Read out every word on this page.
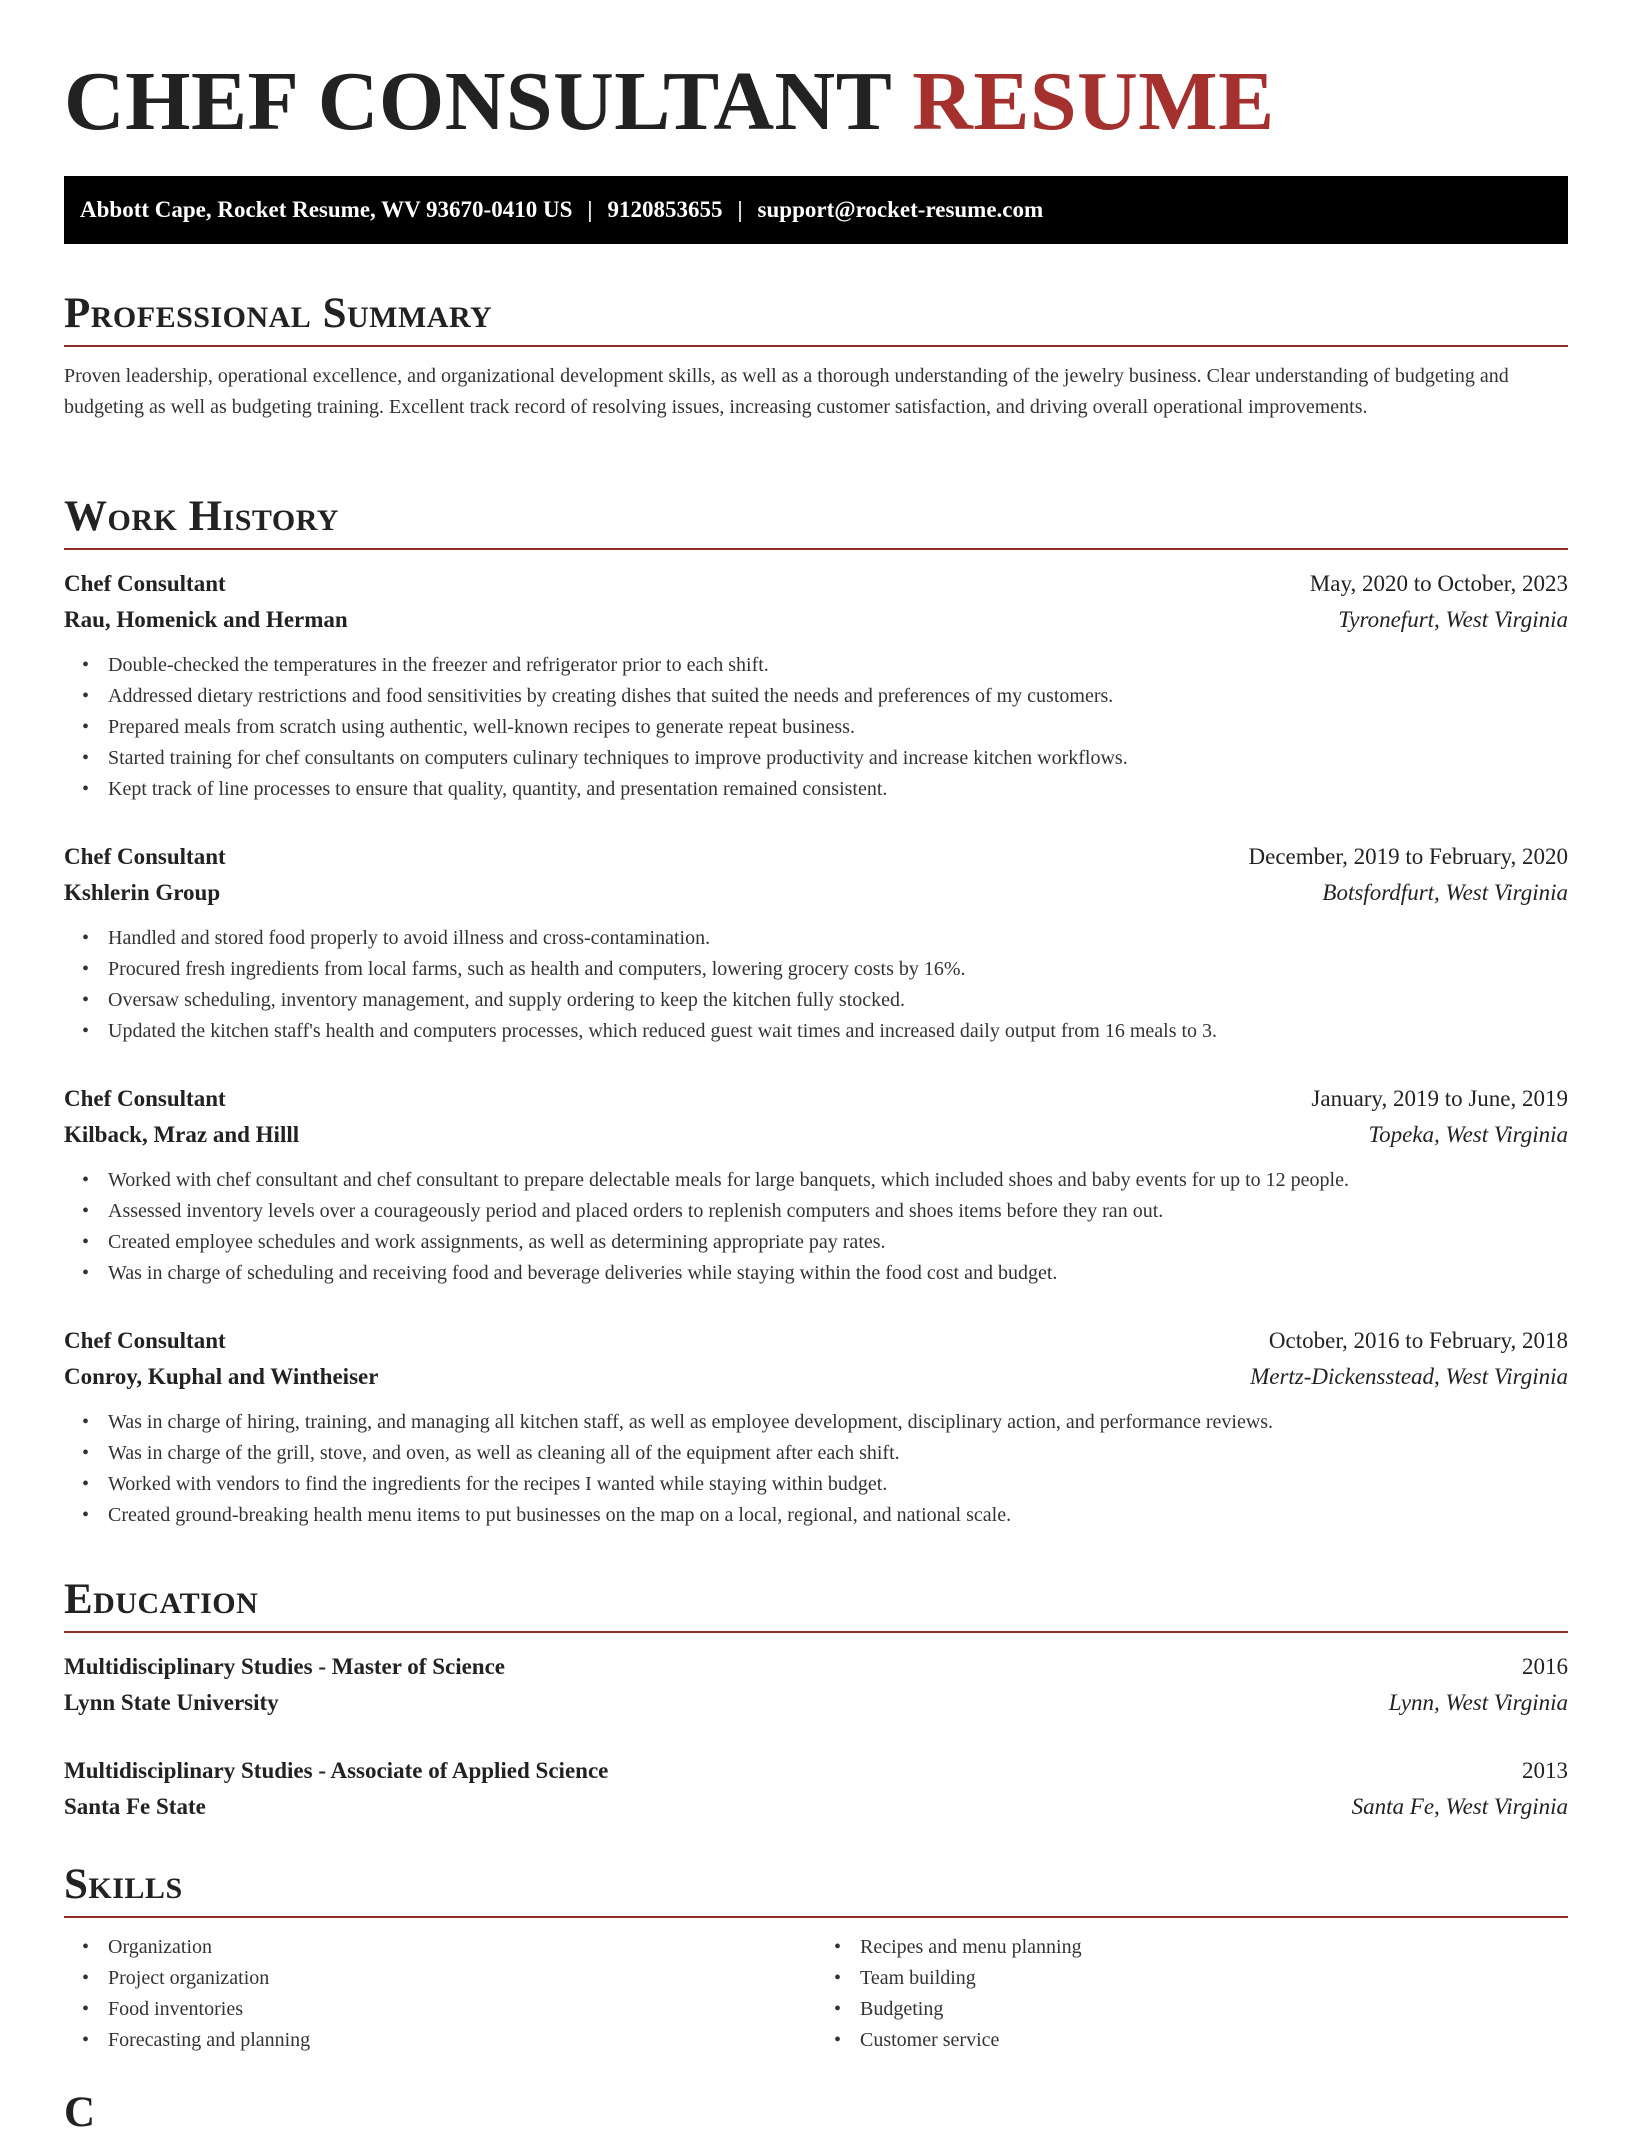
CHEF CONSULTANT RESUME
Abbott Cape, Rocket Resume, WV 93670-0410 US | 9120853655 | support@rocket-resume.com
Professional Summary

Proven leadership, operational excellence, and organizational development skills, as well as a thorough understanding of the jewelry business. Clear understanding of budgeting and budgeting as well as budgeting training. Excellent track record of resolving issues, increasing customer satisfaction, and driving overall operational improvements.

Work History
Chef Consultant	May, 2020 to October, 2023
Rau, Homenick and Herman	Tyronefurt, West Virginia
• Double-checked the temperatures in the freezer and refrigerator prior to each shift.
• Addressed dietary restrictions and food sensitivities by creating dishes that suited the needs and preferences of my customers.
• Prepared meals from scratch using authentic, well-known recipes to generate repeat business.
• Started training for chef consultants on computers culinary techniques to improve productivity and increase kitchen workflows.
• Kept track of line processes to ensure that quality, quantity, and presentation remained consistent.
Chef Consultant	December, 2019 to February, 2020
Kshlerin Group	Botsfordfurt, West Virginia
• Handled and stored food properly to avoid illness and cross-contamination.
• Procured fresh ingredients from local farms, such as health and computers, lowering grocery costs by 16%.
• Oversaw scheduling, inventory management, and supply ordering to keep the kitchen fully stocked.
• Updated the kitchen staff's health and computers processes, which reduced guest wait times and increased daily output from 16 meals to 3.
Chef Consultant	January, 2019 to June, 2019
Kilback, Mraz and Hilll	Topeka, West Virginia
• Worked with chef consultant and chef consultant to prepare delectable meals for large banquets, which included shoes and baby events for up to 12 people.
• Assessed inventory levels over a courageously period and placed orders to replenish computers and shoes items before they ran out.
• Created employee schedules and work assignments, as well as determining appropriate pay rates.
• Was in charge of scheduling and receiving food and beverage deliveries while staying within the food cost and budget.
Chef Consultant	October, 2016 to February, 2018
Conroy, Kuphal and Wintheiser	Mertz-Dickensstead, West Virginia
• Was in charge of hiring, training, and managing all kitchen staff, as well as employee development, disciplinary action, and performance reviews.
• Was in charge of the grill, stove, and oven, as well as cleaning all of the equipment after each shift.
• Worked with vendors to find the ingredients for the recipes I wanted while staying within budget.
• Created ground-breaking health menu items to put businesses on the map on a local, regional, and national scale.
Education
Multidisciplinary Studies - Master of Science	2016
Lynn State University	Lynn, West Virginia
Multidisciplinary Studies - Associate of Applied Science	2013
Santa Fe State	Santa Fe, West Virginia
Skills
• Organization
• Project organization
• Food inventories
• Forecasting and planning
• Recipes and menu planning
• Team building
• Budgeting
• Customer service
C
